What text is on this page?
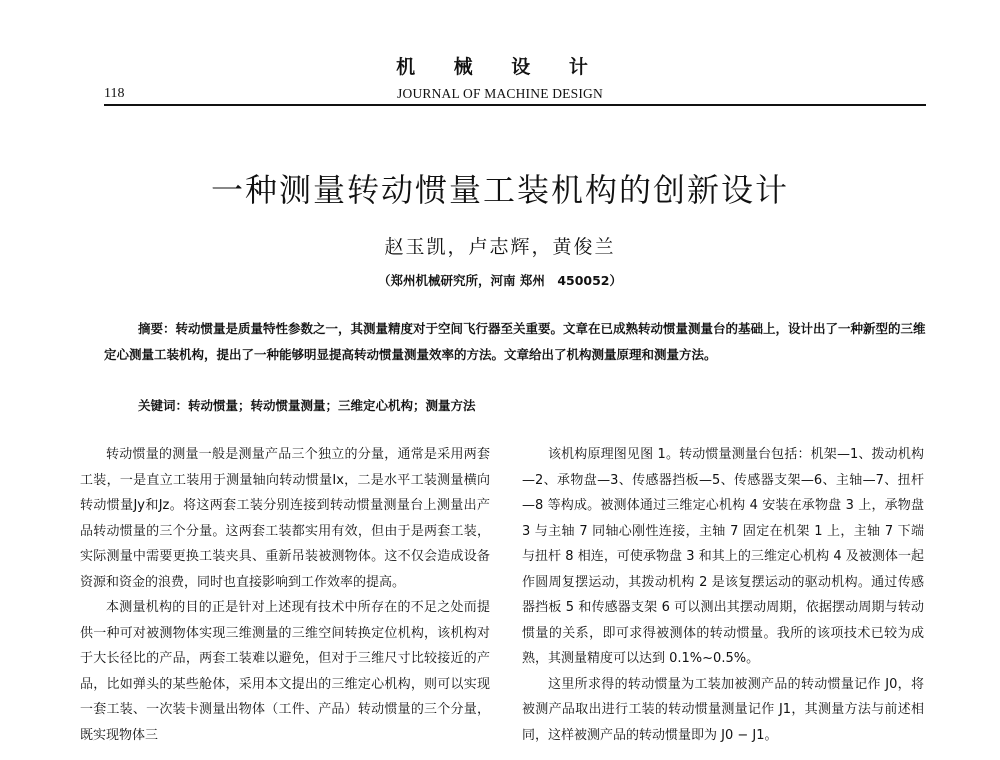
机 械 设 计
118	JOURNAL OF MACHINE DESIGN
一种测量转动惯量工装机构的创新设计
赵玉凯，卢志辉，黄俊兰
（郑州机械研究所，河南 郑州　450052）

摘要：转动惯量是质量特性参数之一，其测量精度对于空间飞行器至关重要。文章在已成熟转动惯量测量台的基础上，设计出了一种新型的三维定心测量工装机构，提出了一种能够明显提高转动惯量测量效率的方法。文章给出了机构测量原理和测量方法。

关键词：转动惯量；转动惯量测量；三维定心机构；测量方法

转动惯量的测量一般是测量产品三个独立的分量，通常是采用两套工装，一是直立工装用于测量轴向转动惯量Ix，二是水平工装测量横向转动惯量Jy和Jz。将这两套工装分别连接到转动惯量测量台上测量出产品转动惯量的三个分量。这两套工装都实用有效，但由于是两套工装，实际测量中需要更换工装夹具、重新吊装被测物体。这不仅会造成设备资源和资金的浪费，同时也直接影响到工作效率的提高。

本测量机构的目的正是针对上述现有技术中所存在的不足之处而提供一种可对被测物体实现三维测量的三维空间转换定位机构，该机构对于大长径比的产品，两套工装难以避免，但对于三维尺寸比较接近的产品，比如弹头的某些舱体，采用本文提出的三维定心机构，则可以实现一套工装、一次装卡测量出物体（工件、产品）转动惯量的三个分量，既实现物体三

该机构原理图见图 1。转动惯量测量台包括：机架—1、拨动机构—2、承物盘—3、传感器挡板—5、传感器支架—6、主轴—7、扭杆—8 等构成。被测体通过三维定心机构 4 安装在承物盘 3 上，承物盘 3 与主轴 7 同轴心刚性连接，主轴 7 固定在机架 1 上，主轴 7 下端与扭杆 8 相连，可使承物盘 3 和其上的三维定心机构 4 及被测体一起作圆周复摆运动，其拨动机构 2 是该复摆运动的驱动机构。通过传感器挡板 5 和传感器支架 6 可以测出其摆动周期，依据摆动周期与转动惯量的关系，即可求得被测体的转动惯量。我所的该项技术已较为成熟，其测量精度可以达到 0.1%~0.5%。

这里所求得的转动惯量为工装加被测产品的转动惯量记作 J0，将被测产品取出进行工装的转动惯量测量记作 J1，其测量方法与前述相同，这样被测产品的转动惯量即为 J0 − J1。
